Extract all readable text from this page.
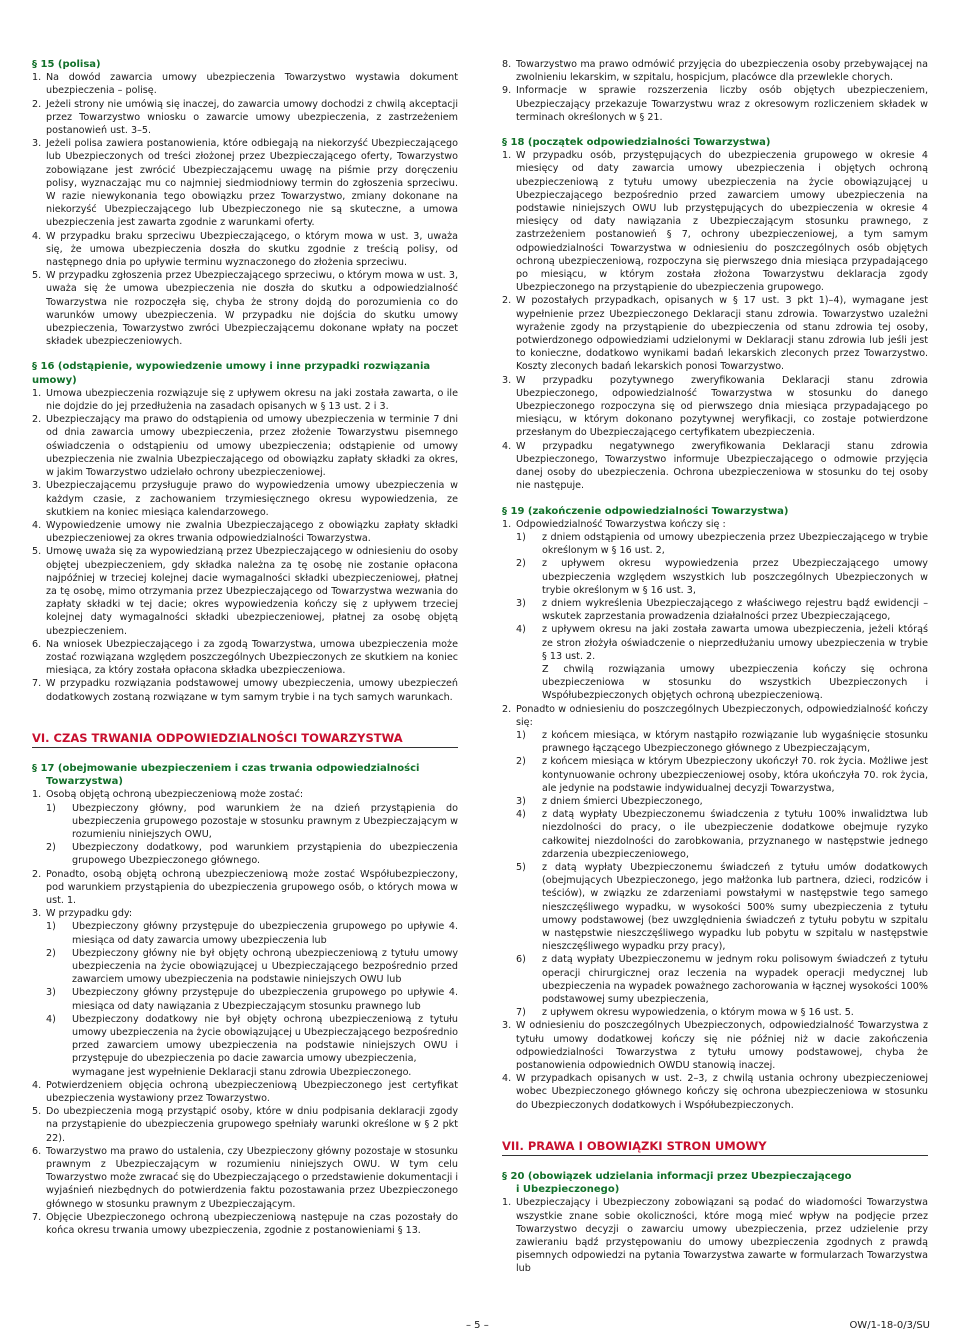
§ 15 (polisa)
1. Na dowód zawarcia umowy ubezpieczenia Towarzystwo wystawia dokument ubezpieczenia – polisę.
2. Jeżeli strony nie umówią się inaczej, do zawarcia umowy dochodzi z chwilą akceptacji przez Towarzystwo wniosku o zawarcie umowy ubezpieczenia, z zastrzeżeniem postanowień ust. 3–5.
3. Jeżeli polisa zawiera postanowienia, które odbiegają na niekorzyść Ubezpieczającego lub Ubezpieczonych od treści złożonej przez Ubezpieczającego oferty, Towarzystwo zobowiązane jest zwrócić Ubezpieczającemu uwagę na piśmie przy doręczeniu polisy, wyznaczając mu co najmniej siedmiodniowy termin do zgłoszenia sprzeciwu. W razie niewykonania tego obowiązku przez Towarzystwo, zmiany dokonane na niekorzyść Ubezpieczającego lub Ubezpieczonego nie są skuteczne, a umowa ubezpieczenia jest zawarta zgodnie z warunkami oferty.
4. W przypadku braku sprzeciwu Ubezpieczającego, o którym mowa w ust. 3, uważa się, że umowa ubezpieczenia doszła do skutku zgodnie z treścią polisy, od następnego dnia po upływie terminu wyznaczonego do złożenia sprzeciwu.
5. W przypadku zgłoszenia przez Ubezpieczającego sprzeciwu, o którym mowa w ust. 3, uważa się że umowa ubezpieczenia nie doszła do skutku a odpowiedzialność Towarzystwa nie rozpoczęła się, chyba że strony dojdą do porozumienia co do warunków umowy ubezpieczenia. W przypadku nie dojścia do skutku umowy ubezpieczenia, Towarzystwo zwróci Ubezpieczającemu dokonane wpłaty na poczet składek ubezpieczeniowych.
§ 16 (odstąpienie, wypowiedzenie umowy i inne przypadki rozwiązania umowy)
1. Umowa ubezpieczenia rozwiązuje się z upływem okresu na jaki została zawarta, o ile nie dojdzie do jej przedłużenia na zasadach opisanych w § 13 ust. 2 i 3.
2. Ubezpieczający ma prawo do odstąpienia od umowy ubezpieczenia w terminie 7 dni od dnia zawarcia umowy ubezpieczenia, przez złożenie Towarzystwu pisemnego oświadczenia o odstąpieniu od umowy ubezpieczenia; odstąpienie od umowy ubezpieczenia nie zwalnia Ubezpieczającego od obowiązku zapłaty składki za okres, w jakim Towarzystwo udzielało ochrony ubezpieczeniowej.
3. Ubezpieczającemu przysługuje prawo do wypowiedzenia umowy ubezpieczenia w każdym czasie, z zachowaniem trzymiesięcznego okresu wypowiedzenia, ze skutkiem na koniec miesiąca kalendarzowego.
4. Wypowiedzenie umowy nie zwalnia Ubezpieczającego z obowiązku zapłaty składki ubezpieczeniowej za okres trwania odpowiedzialności Towarzystwa.
5. Umowę uważa się za wypowiedzianą przez Ubezpieczającego w odniesieniu do osoby objętej ubezpieczeniem, gdy składka należna za tę osobę nie zostanie opłacona najpóźniej w trzeciej kolejnej dacie wymagalności składki ubezpieczeniowej, płatnej za tę osobę, mimo otrzymania przez Ubezpieczającego od Towarzystwa wezwania do zapłaty składki w tej dacie; okres wypowiedzenia kończy się z upływem trzeciej kolejnej daty wymagalności składki ubezpieczeniowej, płatnej za osobę objętą ubezpieczeniem.
6. Na wniosek Ubezpieczającego i za zgodą Towarzystwa, umowa ubezpieczenia może zostać rozwiązana względem poszczególnych Ubezpieczonych ze skutkiem na koniec miesiąca, za który została opłacona składka ubezpieczeniowa.
7. W przypadku rozwiązania podstawowej umowy ubezpieczenia, umowy ubezpieczeń dodatkowych zostaną rozwiązane w tym samym trybie i na tych samych warunkach.
VI. CZAS TRWANIA ODPOWIEDZIALNOŚCI TOWARZYSTWA
§ 17 (obejmowanie ubezpieczeniem i czas trwania odpowiedzialności
Towarzystwa)
1. Osobą objętą ochroną ubezpieczeniową może zostać:
1) Ubezpieczony główny, pod warunkiem że na dzień przystąpienia do ubezpieczenia grupowego pozostaje w stosunku prawnym z Ubezpieczającym w rozumieniu niniejszych OWU,
2) Ubezpieczony dodatkowy, pod warunkiem przystąpienia do ubezpieczenia grupowego Ubezpieczonego głównego.
2. Ponadto, osobą objętą ochroną ubezpieczeniową może zostać Współubezpieczony, pod warunkiem przystąpienia do ubezpieczenia grupowego osób, o których mowa w ust. 1.
3. W przypadku gdy:
1) Ubezpieczony główny przystępuje do ubezpieczenia grupowego po upływie 4. miesiąca od daty zawarcia umowy ubezpieczenia lub
2) Ubezpieczony główny nie był objęty ochroną ubezpieczeniową z tytułu umowy ubezpieczenia na życie obowiązującej u Ubezpieczającego bezpośrednio przed zawarciem umowy ubezpieczenia na podstawie niniejszych OWU lub
3) Ubezpieczony główny przystępuje do ubezpieczenia grupowego po upływie 4. miesiąca od daty nawiązania z Ubezpieczającym stosunku prawnego lub
4) Ubezpieczony dodatkowy nie był objęty ochroną ubezpieczeniową z tytułu umowy ubezpieczenia na życie obowiązującej u Ubezpieczającego bezpośrednio przed zawarciem umowy ubezpieczenia na podstawie niniejszych OWU i przystępuje do ubezpieczenia po dacie zawarcia umowy ubezpieczenia,
wymagane jest wypełnienie Deklaracji stanu zdrowia Ubezpieczonego.
4. Potwierdzeniem objęcia ochroną ubezpieczeniową Ubezpieczonego jest certyfikat ubezpieczenia wystawiony przez Towarzystwo.
5. Do ubezpieczenia mogą przystąpić osoby, które w dniu podpisania deklaracji zgody na przystąpienie do ubezpieczenia grupowego spełniały warunki określone w § 2 pkt 22).
6. Towarzystwo ma prawo do ustalenia, czy Ubezpieczony główny pozostaje w stosunku prawnym z Ubezpieczającym w rozumieniu niniejszych OWU. W tym celu Towarzystwo może zwracać się do Ubezpieczającego o przedstawienie dokumentacji i wyjaśnień niezbędnych do potwierdzenia faktu pozostawania przez Ubezpieczonego głównego w stosunku prawnym z Ubezpieczającym.
7. Objęcie Ubezpieczonego ochroną ubezpieczeniową następuje na czas pozostały do końca okresu trwania umowy ubezpieczenia, zgodnie z postanowieniami § 13.
8. Towarzystwo ma prawo odmówić przyjęcia do ubezpieczenia osoby przebywającej na zwolnieniu lekarskim, w szpitalu, hospicjum, placówce dla przewlekle chorych.
9. Informacje w sprawie rozszerzenia liczby osób objętych ubezpieczeniem, Ubezpieczający przekazuje Towarzystwu wraz z okresowym rozliczeniem składek w terminach określonych w § 21.
§ 18 (początek odpowiedzialności Towarzystwa)
1. W przypadku osób, przystępujących do ubezpieczenia grupowego w okresie 4 miesięcy od daty zawarcia umowy ubezpieczenia i objętych ochroną ubezpieczeniową z tytułu umowy ubezpieczenia na życie obowiązującej u Ubezpieczającego bezpośrednio przed zawarciem umowy ubezpieczenia na podstawie niniejszych OWU lub przystępujących do ubezpieczenia w okresie 4 miesięcy od daty nawiązania z Ubezpieczającym stosunku prawnego, z zastrzeżeniem postanowień § 7, ochrony ubezpieczeniowej, a tym samym odpowiedzialności Towarzystwa w odniesieniu do poszczególnych osób objętych ochroną ubezpieczeniową, rozpoczyna się pierwszego dnia miesiąca przypadającego po miesiącu, w którym została złożona Towarzystwu deklaracja zgody Ubezpieczonego na przystąpienie do ubezpieczenia grupowego.
2. W pozostałych przypadkach, opisanych w § 17 ust. 3 pkt 1)–4), wymagane jest wypełnienie przez Ubezpieczonego Deklaracji stanu zdrowia. Towarzystwo uzależni wyrażenie zgody na przystąpienie do ubezpieczenia od stanu zdrowia tej osoby, potwierdzonego odpowiedziami udzielonymi w Deklaracji stanu zdrowia lub jeśli jest to konieczne, dodatkowo wynikami badań lekarskich zleconych przez Towarzystwo. Koszty zleconych badań lekarskich ponosi Towarzystwo.
3. W przypadku pozytywnego zweryfikowania Deklaracji stanu zdrowia Ubezpieczonego, odpowiedzialność Towarzystwa w stosunku do danego Ubezpieczonego rozpoczyna się od pierwszego dnia miesiąca przypadającego po miesiącu, w którym dokonano pozytywnej weryfikacji, co zostaje potwierdzone przesłanym do Ubezpieczającego certyfikatem ubezpieczenia.
4. W przypadku negatywnego zweryfikowania Deklaracji stanu zdrowia Ubezpieczonego, Towarzystwo informuje Ubezpieczającego o odmowie przyjęcia danej osoby do ubezpieczenia. Ochrona ubezpieczeniowa w stosunku do tej osoby nie następuje.
§ 19 (zakończenie odpowiedzialności Towarzystwa)
1. Odpowiedzialność Towarzystwa kończy się :
1) z dniem odstąpienia od umowy ubezpieczenia przez Ubezpieczającego w trybie określonym w § 16 ust. 2,
2) z upływem okresu wypowiedzenia przez Ubezpieczającego umowy ubezpieczenia względem wszystkich lub poszczególnych Ubezpieczonych w trybie określonym w § 16 ust. 3,
3) z dniem wykreślenia Ubezpieczającego z właściwego rejestru bądź ewidencji – wskutek zaprzestania prowadzenia działalności przez Ubezpieczającego,
4) z upływem okresu na jaki została zawarta umowa ubezpieczenia, jeżeli którąś ze stron złożyła oświadczenie o nieprzedłużaniu umowy ubezpieczenia w trybie § 13 ust. 2.
Z chwilą rozwiązania umowy ubezpieczenia kończy się ochrona ubezpieczeniowa w stosunku do wszystkich Ubezpieczonych i Współubezpieczonych objętych ochroną ubezpieczeniową.
2. Ponadto w odniesieniu do poszczególnych Ubezpieczonych, odpowiedzialność kończy się:
1) z końcem miesiąca, w którym nastąpiło rozwiązanie lub wygaśnięcie stosunku prawnego łączącego Ubezpieczonego głównego z Ubezpieczającym,
2) z końcem miesiąca w którym Ubezpieczony ukończył 70. rok życia. Możliwe jest kontynuowanie ochrony ubezpieczeniowej osoby, która ukończyła 70. rok życia, ale jedynie na podstawie indywidualnej decyzji Towarzystwa,
3) z dniem śmierci Ubezpieczonego,
4) z datą wypłaty Ubezpieczonemu świadczenia z tytułu 100% inwalidztwa lub niezdolności do pracy, o ile ubezpieczenie dodatkowe obejmuje ryzyko całkowitej niezdolności do zarobkowania, przyznanego w następstwie jednego zdarzenia ubezpieczeniowego,
5) z datą wypłaty Ubezpieczonemu świadczeń z tytułu umów dodatkowych (obejmujących Ubezpieczonego, jego małżonka lub partnera, dzieci, rodziców i teściów), w związku ze zdarzeniami powstałymi w następstwie tego samego nieszczęśliwego wypadku, w wysokości 500% sumy ubezpieczenia z tytułu umowy podstawowej (bez uwzględnienia świadczeń z tytułu pobytu w szpitalu w następstwie nieszczęśliwego wypadku lub pobytu w szpitalu w następstwie nieszczęśliwego wypadku przy pracy),
6) z datą wypłaty Ubezpieczonemu w jednym roku polisowym świadczeń z tytułu operacji chirurgicznej oraz leczenia na wypadek operacji medycznej lub ubezpieczenia na wypadek poważnego zachorowania w łącznej wysokości 100% podstawowej sumy ubezpieczenia,
7) z upływem okresu wypowiedzenia, o którym mowa w § 16 ust. 5.
3. W odniesieniu do poszczególnych Ubezpieczonych, odpowiedzialność Towarzystwa z tytułu umowy dodatkowej kończy się nie później niż w dacie zakończenia odpowiedzialności Towarzystwa z tytułu umowy podstawowej, chyba że postanowienia odpowiednich OWDU stanowią inaczej.
4. W przypadkach opisanych w ust. 2–3, z chwilą ustania ochrony ubezpieczeniowej wobec Ubezpieczonego głównego kończy się ochrona ubezpieczeniowa w stosunku do Ubezpieczonych dodatkowych i Współubezpieczonych.
VII. PRAWA I OBOWIĄZKI STRON UMOWY
§ 20 (obowiązek udzielania informacji przez Ubezpieczającego
i Ubezpieczonego)
1. Ubezpieczający i Ubezpieczony zobowiązani są podać do wiadomości Towarzystwa wszystkie znane sobie okoliczności, które mogą mieć wpływ na podjęcie przez Towarzystwo decyzji o zawarciu umowy ubezpieczenia, przez udzielenie przy zawieraniu bądź przystępowaniu do umowy ubezpieczenia zgodnych z prawdą pisemnych odpowiedzi na pytania Towarzystwa zawarte w formularzach Towarzystwa lub
– 5 –	OW/1-18-0/3/SU
